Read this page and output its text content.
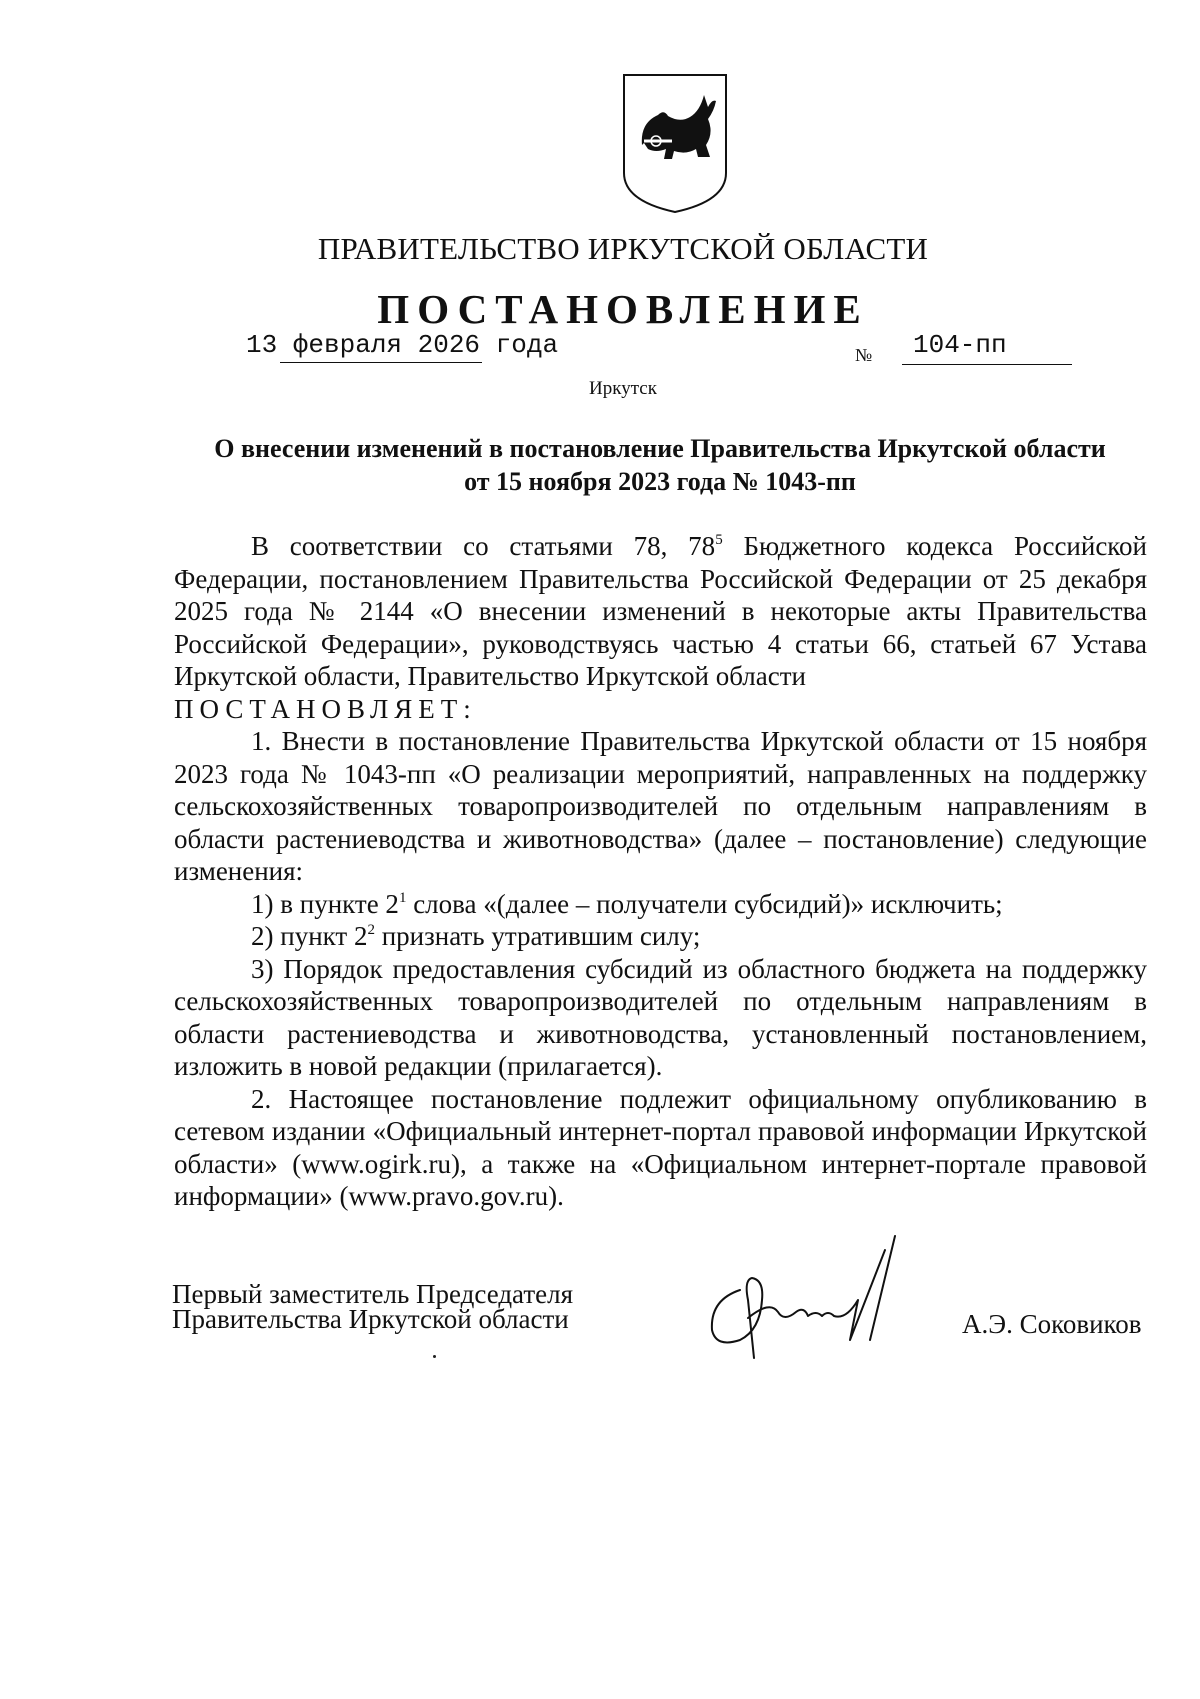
ПРАВИТЕЛЬСТВО ИРКУТСКОЙ ОБЛАСТИ
ПОСТАНОВЛЕНИЕ
13 февраля 2026 года	№ 104-пп
Иркутск
О внесении изменений в постановление Правительства Иркутской области
от 15 ноября 2023 года № 1043-пп

В соответствии со статьями 78, $78^5$ Бюджетного кодекса Российской Федерации, постановлением Правительства Российской Федерации от 25 декабря 2025 года № 2144 «О внесении изменений в некоторые акты Правительства Российской Федерации», руководствуясь частью 4 статьи 66, статьей 67 Устава Иркутской области, Правительство Иркутской области

ПОСТАНОВЛЯЕТ:

1. Внести в постановление Правительства Иркутской области от 15 ноября 2023 года № 1043-пп «О реализации мероприятий, направленных на поддержку сельскохозяйственных товаропроизводителей по отдельным направлениям в области растениеводства и животноводства» (далее – постановление) следующие изменения:

1) в пункте $2^1$ слова «(далее – получатели субсидий)» исключить;

2) пункт $2^2$ признать утратившим силу;

3) Порядок предоставления субсидий из областного бюджета на поддержку сельскохозяйственных товаропроизводителей по отдельным направлениям в области растениеводства и животноводства, установленный постановлением, изложить в новой редакции (прилагается).

2. Настоящее постановление подлежит официальному опубликованию в сетевом издании «Официальный интернет-портал правовой информации Иркутской области» (www.ogirk.ru), а также на «Официальном интернет-портале правовой информации» (www.pravo.gov.ru).

Первый заместитель Председателя
Правительства Иркутской области	А.Э. Соковиков
